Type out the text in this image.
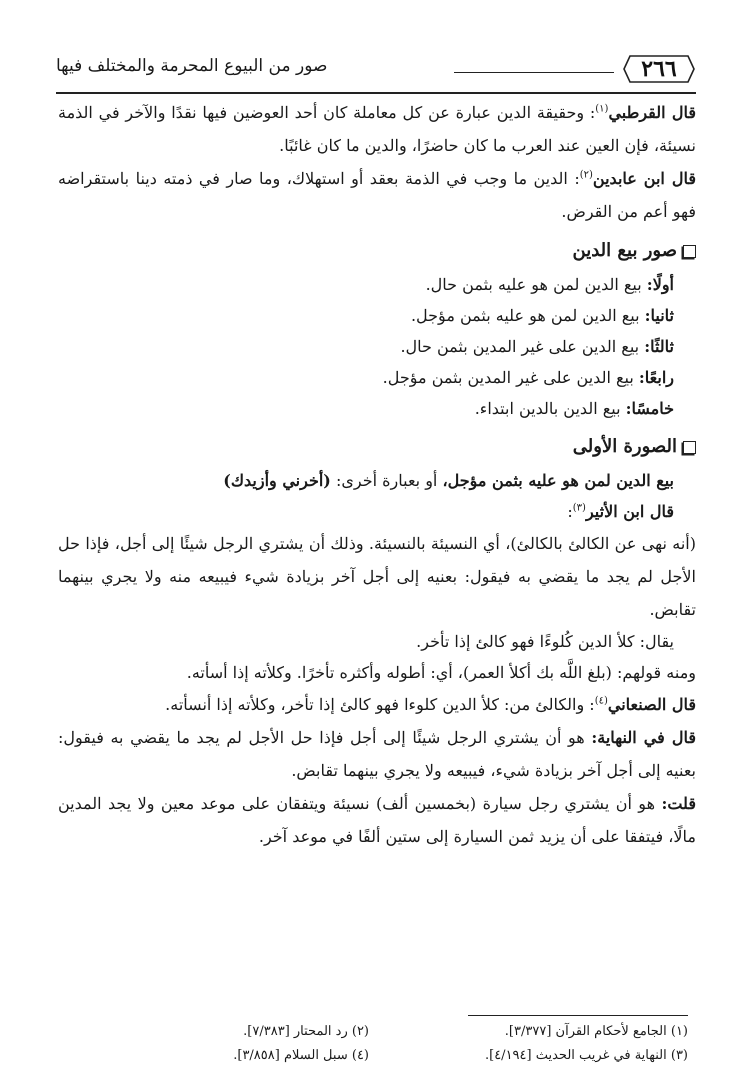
٢٦٦
صور من البيوع المحرمة والمختلف فيها

قال القرطبي$^{(١)}$: وحقيقة الدين عبارة عن كل معاملة كان أحد العوضين فيها نقدًا والآخر في الذمة نسيئة، فإن العين عند العرب ما كان حاضرًا، والدين ما كان غائبًا.

قال ابن عابدين$^{(٢)}$: الدين ما وجب في الذمة بعقد أو استهلاك، وما صار في ذمته دينا باستقراضه فهو أعم من القرض.

صور بيع الدين

أولًا: بيع الدين لمن هو عليه بثمن حال.

ثانيا: بيع الدين لمن هو عليه بثمن مؤجل.

ثالثًا: بيع الدين على غير المدين بثمن حال.

رابعًا: بيع الدين على غير المدين بثمن مؤجل.

خامسًا: بيع الدين بالدين ابتداء.

الصورة الأولى

بيع الدين لمن هو عليه بثمن مؤجل، أو بعبارة أخرى: (أخرني وأزيدك)

قال ابن الأثير$^{(٣)}$:

(أنه نهى عن الكالئ بالكالئ)، أي النسيئة بالنسيئة. وذلك أن يشتري الرجل شيئًا إلى أجل، فإذا حل الأجل لم يجد ما يقضي به فيقول: بعنيه إلى أجل آخر بزيادة شيء فيبيعه منه ولا يجري بينهما تقابض.

يقال: كلأ الدين كُلوءًا فهو كالئ إذا تأخر.

ومنه قولهم: (بلغ اللَّه بك أكلأ العمر)، أي: أطوله وأكثره تأخرًا. وكلأته إذا أسأته.

قال الصنعاني$^{(٤)}$: والكالئ من: كلأ الدين كلوءا فهو كالئ إذا تأخر، وكلأته إذا أنسأته.

قال في النهاية: هو أن يشتري الرجل شيئًا إلى أجل فإذا حل الأجل لم يجد ما يقضي به فيقول: بعنيه إلى أجل آخر بزيادة شيء، فيبيعه ولا يجري بينهما تقابض.

قلت: هو أن يشتري رجل سيارة (بخمسين ألف) نسيئة ويتفقان على موعد معين ولا يجد المدين مالًا، فيتفقا على أن يزيد ثمن السيارة إلى ستين ألفًا في موعد آخر.

(١) الجامع لأحكام القرآن [٣/٣٧٧].
(٢) رد المحتار [٧/٣٨٣].
(٣) النهاية في غريب الحديث [٤/١٩٤].
(٤) سبل السلام [٣/٨٥٨].
